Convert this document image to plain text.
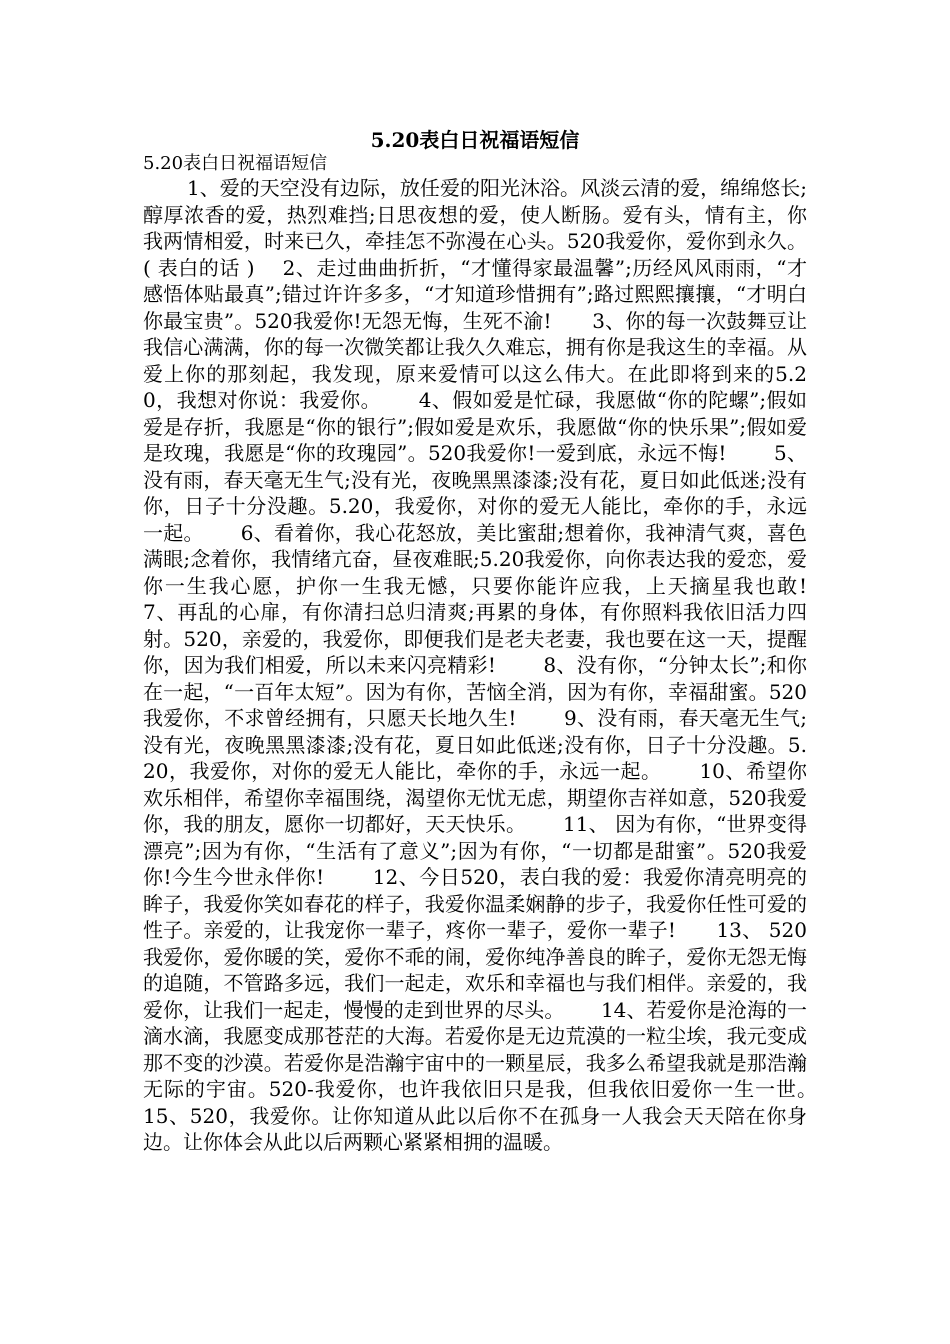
5.20表白日祝福语短信

5.20表白日祝福语短信

1、爱的天空没有边际，放任爱的阳光沐浴。风淡云清的爱，绵绵悠长;醇厚浓香的爱，热烈难挡;日思夜想的爱，使人断肠。爱有头，情有主，你我两情相爱，时来已久，牵挂怎不弥漫在心头。520我爱你，爱你到永久。( 表白的话 )　 2、走过曲曲折折，“才懂得家最温馨”;历经风风雨雨，“才感悟体贴最真”;错过许许多多，“才知道珍惜拥有”;路过熙熙攘攘，“才明白你最宝贵”。520我爱你!无怨无悔，生死不渝!　　3、你的每一次鼓舞豆让我信心满满，你的每一次微笑都让我久久难忘，拥有你是我这生的幸福。从爱上你的那刻起，我发现，原来爱情可以这么伟大。在此即将到来的5.20，我想对你说：我爱你。　　 4、假如爱是忙碌，我愿做“你的陀螺”;假如爱是存折，我愿是“你的银行”;假如爱是欢乐，我愿做“你的快乐果”;假如爱是玫瑰，我愿是“你的玫瑰园”。520我爱你!一爱到底，永远不悔!　　 5、没有雨，春天毫无生气;没有光，夜晚黑黑漆漆;没有花，夏日如此低迷;没有你，日子十分没趣。5.20，我爱你，对你的爱无人能比，牵你的手，永远一起。　　 6、看着你，我心花怒放，美比蜜甜;想着你，我神清气爽，喜色满眼;念着你，我情绪亢奋，昼夜难眠;5.20我爱你，向你表达我的爱恋，爱你一生我心愿，护你一生我无憾，只要你能许应我，上天摘星我也敢!　　 7、再乱的心扉，有你清扫总归清爽;再累的身体，有你照料我依旧活力四射。520，亲爱的，我爱你，即便我们是老夫老妻，我也要在这一天，提醒你，因为我们相爱，所以未来闪亮精彩!　　 8、没有你，“分钟太长”;和你在一起，“一百年太短”。因为有你，苦恼全消，因为有你，幸福甜蜜。520我爱你，不求曾经拥有，只愿天长地久生!　　 9、没有雨，春天毫无生气;没有光，夜晚黑黑漆漆;没有花，夏日如此低迷;没有你，日子十分没趣。5.20，我爱你，对你的爱无人能比，牵你的手，永远一起。　　 10、希望你欢乐相伴，希望你幸福围绕，渴望你无忧无虑，期望你吉祥如意，520我爱你，我的朋友，愿你一切都好，天天快乐。　　 11、 因为有你，“世界变得漂亮”;因为有你，“生活有了意义”;因为有你，“一切都是甜蜜”。520我爱你!今生今世永伴你!　　 12、今日520，表白我的爱：我爱你清亮明亮的眸子，我爱你笑如春花的样子，我爱你温柔娴静的步子，我爱你任性可爱的性子。亲爱的，让我宠你一辈子，疼你一辈子，爱你一辈子!　　13、 520我爱你，爱你暖的笑，爱你不乖的闹，爱你纯净善良的眸子，爱你无怨无悔的追随，不管路多远，我们一起走，欢乐和幸福也与我们相伴。亲爱的，我爱你，让我们一起走，慢慢的走到世界的尽头。　　 14、若爱你是沧海的一滴水滴，我愿变成那苍茫的大海。若爱你是无边荒漠的一粒尘埃，我元变成那不变的沙漠。若爱你是浩瀚宇宙中的一颗星辰，我多么希望我就是那浩瀚无际的宇宙。520-我爱你，也许我依旧只是我，但我依旧爱你一生一世。　　 15、520，我爱你。让你知道从此以后你不在孤身一人我会天天陪在你身边。让你体会从此以后两颗心紧紧相拥的温暖。
